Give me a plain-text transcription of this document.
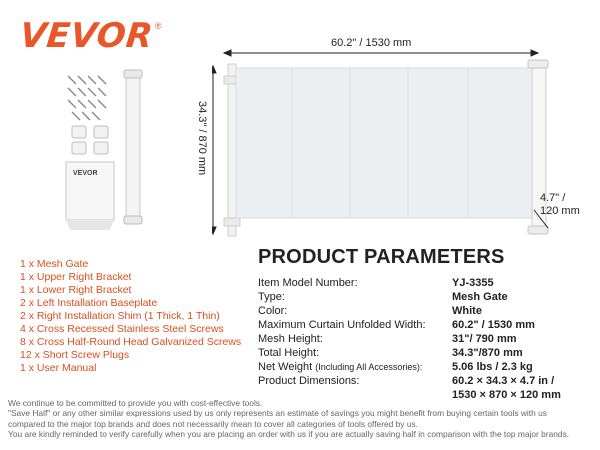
VEVOR ®
VEVOR
60.2" / 1530 mm
34.3" / 870 mm
4.7" /
120 mm
1 x Mesh Gate
1 x Upper Right Bracket
1 x Lower Right Bracket
2 x Left Installation Baseplate
2 x Right Installation Shim (1 Thick, 1 Thin)
4 x Cross Recessed Stainless Steel Screws
8 x Cross Half-Round Head Galvanized Screws
12 x Short Screw Plugs
1 x User Manual
PRODUCT PARAMETERS
Item Model Number:	YJ-3355
Type:	Mesh Gate
Color:	White
Maximum Curtain Unfolded Width: 60.2" / 1530 mm
Mesh Height:	31"/ 790 mm
Total Height:	34.3"/870 mm
Net Weight (Including All Accessories):	5.06 lbs / 2.3 kg
Product Dimensions:	60.2 × 34.3 × 4.7 in /
1530 × 870 × 120 mm
We continue to be committed to provide you with cost-effective tools.
"Save Half" or any other similar expressions used by us only represents an estimate of savings you might benefit from buying certain tools with us
compared to the major top brands and does not necessarily mean to cover all categories of tools offered by us.
You are kindly reminded to verify carefully when you are placing an order with us if you are actually saving half in comparison with the top major brands.
